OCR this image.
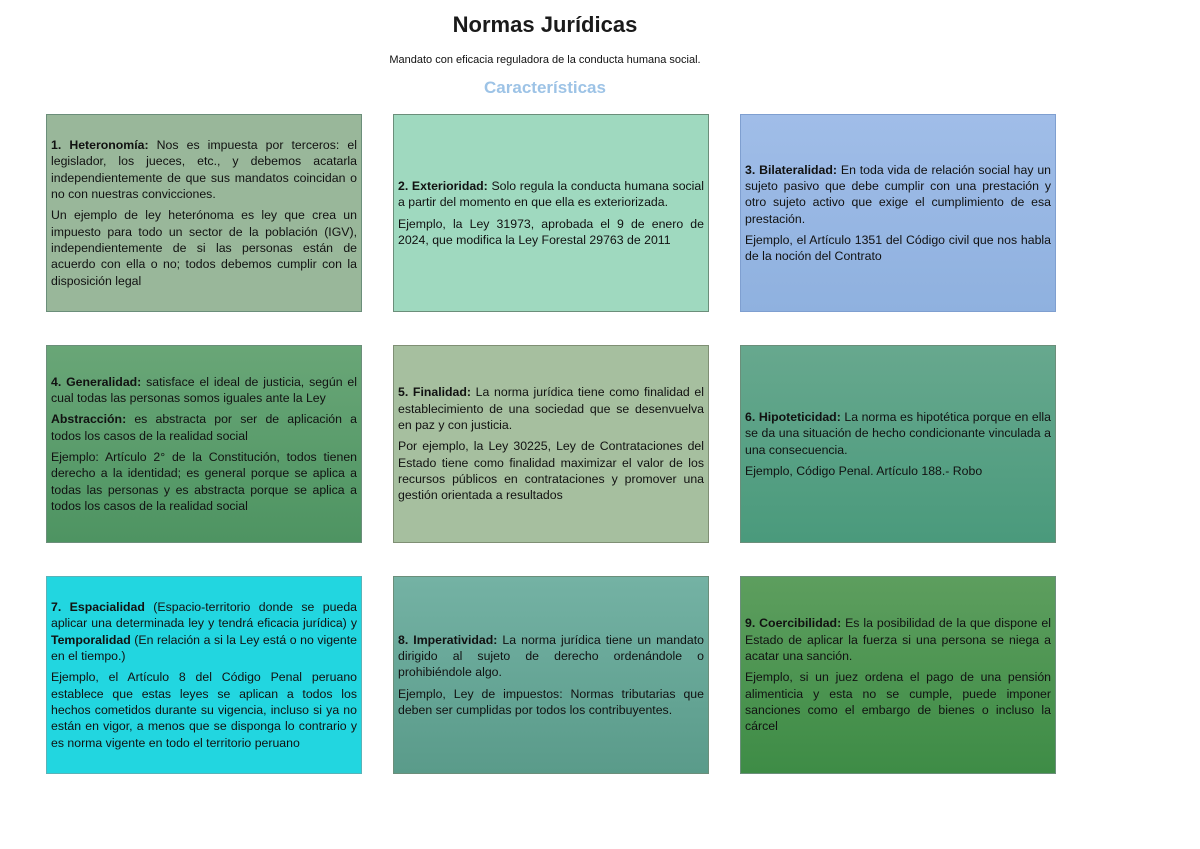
Normas Jurídicas
Mandato con eficacia reguladora de la conducta humana social.
Características

1. Heteronomía: Nos es impuesta por terceros: el legislador, los jueces, etc., y debemos acatarla independientemente de que sus mandatos coincidan o no con nuestras convicciones.

Un ejemplo de ley heterónoma es ley que crea un impuesto para todo un sector de la población (IGV), independientemente de si las personas están de acuerdo con ella o no; todos debemos cumplir con la disposición legal

2. Exterioridad: Solo regula la conducta humana social a partir del momento en que ella es exteriorizada.

Ejemplo, la Ley 31973, aprobada el 9 de enero de 2024, que modifica la Ley Forestal 29763 de 2011

3. Bilateralidad: En toda vida de relación social hay un sujeto pasivo que debe cumplir con una prestación y otro sujeto activo que exige el cumplimiento de esa prestación.

Ejemplo, el Artículo 1351 del Código civil que nos habla de la noción del Contrato

4. Generalidad: satisface el ideal de justicia, según el cual todas las personas somos iguales ante la Ley

Abstracción: es abstracta por ser de aplicación a todos los casos de la realidad social

Ejemplo: Artículo 2° de la Constitución, todos tienen derecho a la identidad; es general porque se aplica a todas las personas y es abstracta porque se aplica a todos los casos de la realidad social

5. Finalidad: La norma jurídica tiene como finalidad el establecimiento de una sociedad que se desenvuelva en paz y con justicia.

Por ejemplo, la Ley 30225, Ley de Contrataciones del Estado tiene como finalidad maximizar el valor de los recursos públicos en contrataciones y promover una gestión orientada a resultados

6. Hipoteticidad: La norma es hipotética porque en ella se da una situación de hecho condicionante vinculada a una consecuencia.

Ejemplo, Código Penal. Artículo 188.- Robo

7. Espacialidad (Espacio-territorio donde se pueda aplicar una determinada ley y tendrá eficacia jurídica) y Temporalidad (En relación a si la Ley está o no vigente en el tiempo.)

Ejemplo, el Artículo 8 del Código Penal peruano establece que estas leyes se aplican a todos los hechos cometidos durante su vigencia, incluso si ya no están en vigor, a menos que se disponga lo contrario y es norma vigente en todo el territorio peruano

8. Imperatividad: La norma jurídica tiene un mandato dirigido al sujeto de derecho ordenándole o prohibiéndole algo.

Ejemplo, Ley de impuestos: Normas tributarias que deben ser cumplidas por todos los contribuyentes.

9. Coercibilidad: Es la posibilidad de la que dispone el Estado de aplicar la fuerza si una persona se niega a acatar una sanción.

Ejemplo, si un juez ordena el pago de una pensión alimenticia y esta no se cumple, puede imponer sanciones como el embargo de bienes o incluso la cárcel
